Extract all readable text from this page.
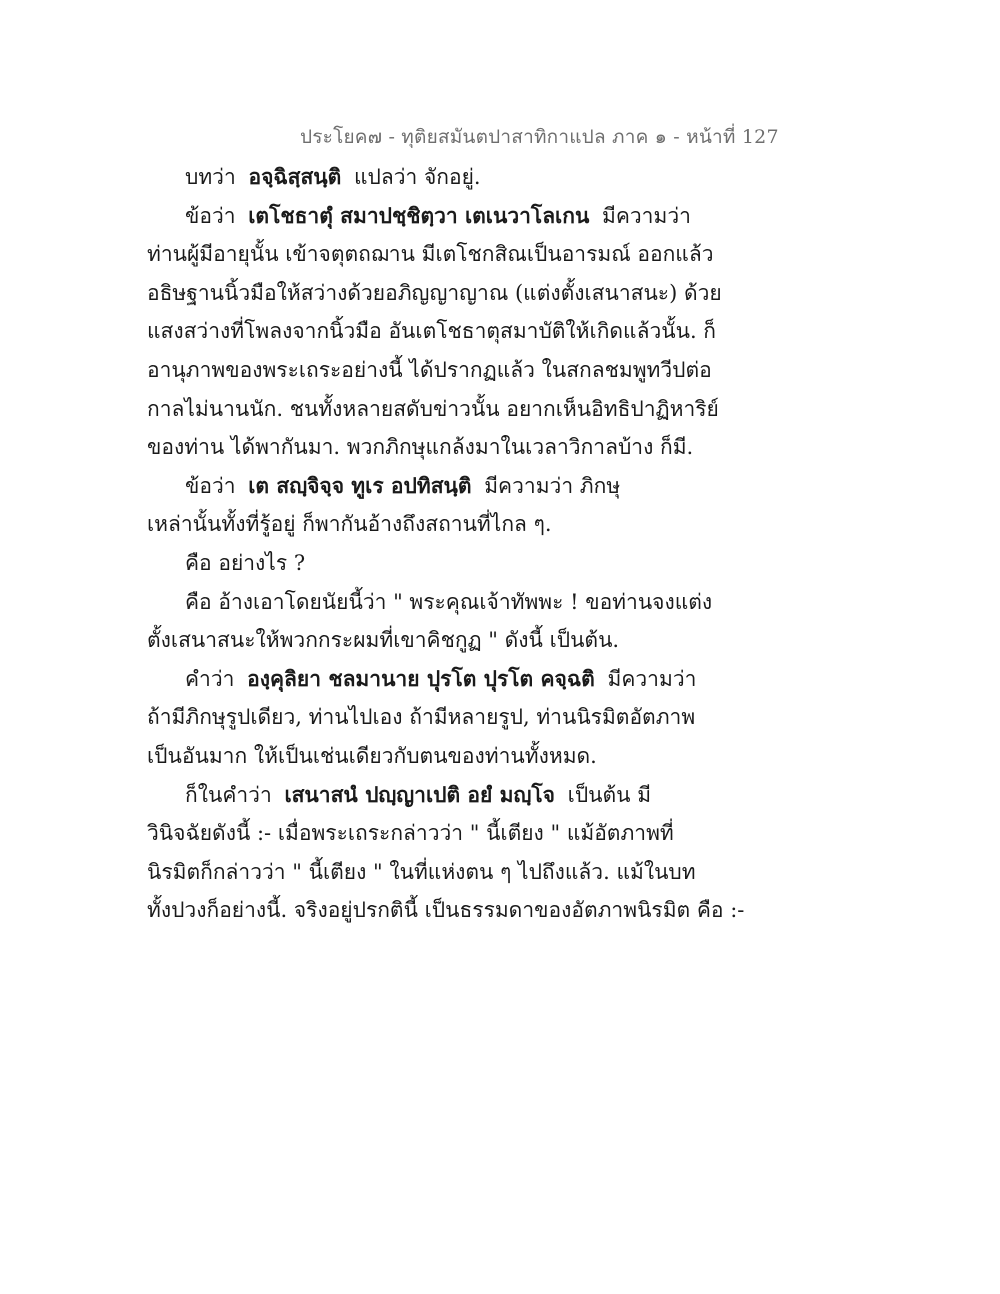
ประโยค๗ - ทุติยสมันตปาสาทิกาแปล ภาค ๑ - หน้าที่ 127
บทว่า อจฺฉิสฺสนฺติ แปลว่า จักอยู่.
ข้อว่า เตโชธาตุํ สมาปชฺชิตฺวา เตเนวาโลเกน มีความว่า
ท่านผู้มีอายุนั้น เข้าจตุตถฌาน มีเตโชกสิณเป็นอารมณ์ ออกแล้ว
อธิษฐานนิ้วมือให้สว่างด้วยอภิญญาญาณ (แต่งตั้งเสนาสนะ) ด้วย
แสงสว่างที่โพลงจากนิ้วมือ อันเตโชธาตุสมาบัติให้เกิดแล้วนั้น. ก็
อานุภาพของพระเถระอย่างนี้ ได้ปรากฏแล้ว ในสกลชมพูทวีปต่อ
กาลไม่นานนัก. ชนทั้งหลายสดับข่าวนั้น อยากเห็นอิทธิปาฏิหาริย์
ของท่าน ได้พากันมา. พวกภิกษุแกล้งมาในเวลาวิกาลบ้าง ก็มี.
ข้อว่า เต สญฺจิจฺจ ทูเร อปทิสนฺติ มีความว่า ภิกษุ
เหล่านั้นทั้งที่รู้อยู่ ก็พากันอ้างถึงสถานที่ไกล ๆ.
คือ อย่างไร ?
คือ อ้างเอาโดยนัยนี้ว่า " พระคุณเจ้าทัพพะ ! ขอท่านจงแต่ง
ตั้งเสนาสนะให้พวกกระผมที่เขาคิชกูฏ " ดังนี้ เป็นต้น.
คำว่า องฺคุลิยา ชลมานาย ปุรโต ปุรโต คจฺฉติ มีความว่า
ถ้ามีภิกษุรูปเดียว, ท่านไปเอง ถ้ามีหลายรูป, ท่านนิรมิตอัตภาพ
เป็นอันมาก ให้เป็นเช่นเดียวกับตนของท่านทั้งหมด.
ก็ในคำว่า เสนาสนํ ปญฺญาเปติ อยํ มญฺโจ เป็นต้น มี
วินิจฉัยดังนี้ :- เมื่อพระเถระกล่าวว่า " นี้เตียง " แม้อัตภาพที่
นิรมิตก็กล่าวว่า " นี้เตียง " ในที่แห่งตน ๆ ไปถึงแล้ว. แม้ในบท
ทั้งปวงก็อย่างนี้. จริงอยู่ปรกตินี้ เป็นธรรมดาของอัตภาพนิรมิต คือ :-
